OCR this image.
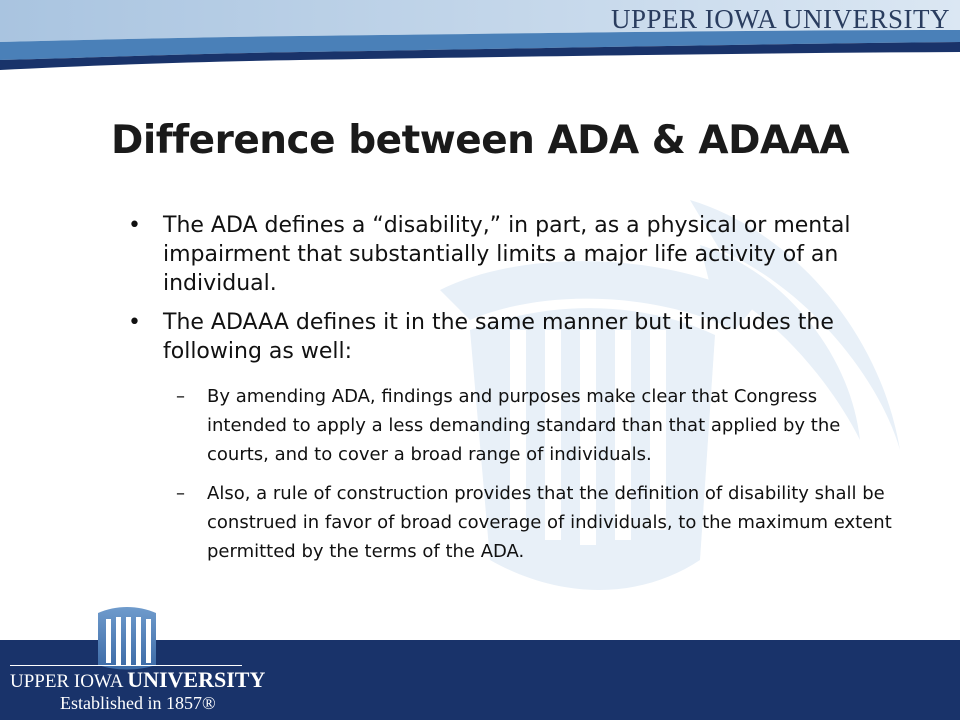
UPPER IOWA UNIVERSITY
Difference between ADA & ADAAA
• The ADA defines a “disability,” in part, as a physical or mental impairment that substantially limits a major life activity of an individual.
• The ADAAA defines it in the same manner but it includes the following as well:
– By amending ADA, findings and purposes make clear that Congress intended to apply a less demanding standard than that applied by the courts, and to cover a broad range of individuals.
– Also, a rule of construction provides that the definition of disability shall be construed in favor of broad coverage of individuals, to the maximum extent permitted by the terms of the ADA.
UPPER IOWA UNIVERSITY
Established in 1857®
